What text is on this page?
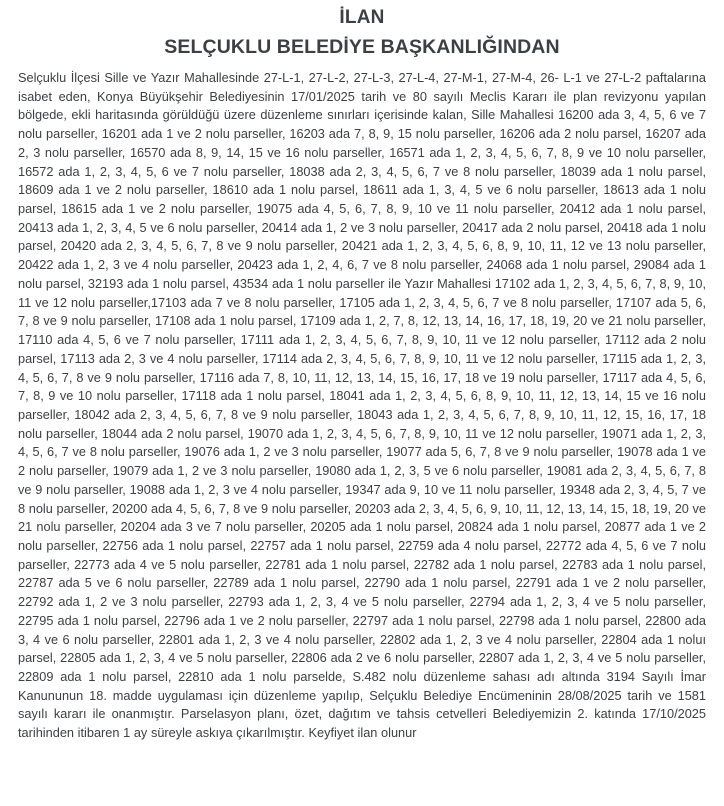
İLAN
SELÇUKLU BELEDİYE BAŞKANLIĞINDAN

Selçuklu İlçesi Sille ve Yazır Mahallesinde 27-L-1, 27-L-2, 27-L-3, 27-L-4, 27-M-1, 27-M-4, 26- L-1 ve 27-L-2 paftalarına isabet eden, Konya Büyükşehir Belediyesinin 17/01/2025 tarih ve 80 sayılı Meclis Kararı ile plan revizyonu yapılan bölgede, ekli haritasında görüldüğü üzere düzenleme sınırları içerisinde kalan, Sille Mahallesi 16200 ada 3, 4, 5, 6 ve 7 nolu parseller, 16201 ada 1 ve 2 nolu parseller, 16203 ada 7, 8, 9, 15 nolu parseller, 16206 ada 2 nolu parsel, 16207 ada 2, 3 nolu parseller, 16570 ada 8, 9, 14, 15 ve 16 nolu parseller, 16571 ada 1, 2, 3, 4, 5, 6, 7, 8, 9 ve 10 nolu parseller, 16572 ada 1, 2, 3, 4, 5, 6 ve 7 nolu parseller, 18038 ada 2, 3, 4, 5, 6, 7 ve 8 nolu parseller, 18039 ada 1 nolu parsel, 18609 ada 1 ve 2 nolu parseller, 18610 ada 1 nolu parsel, 18611 ada 1, 3, 4, 5 ve 6 nolu parseller, 18613 ada 1 nolu parsel, 18615 ada 1 ve 2 nolu parseller, 19075 ada 4, 5, 6, 7, 8, 9, 10 ve 11 nolu parseller, 20412 ada 1 nolu parsel, 20413 ada 1, 2, 3, 4, 5 ve 6 nolu parseller, 20414 ada 1, 2 ve 3 nolu parseller, 20417 ada 2 nolu parsel, 20418 ada 1 nolu parsel, 20420 ada 2, 3, 4, 5, 6, 7, 8 ve 9 nolu parseller, 20421 ada 1, 2, 3, 4, 5, 6, 8, 9, 10, 11, 12 ve 13 nolu parseller, 20422 ada 1, 2, 3 ve 4 nolu parseller, 20423 ada 1, 2, 4, 6, 7 ve 8 nolu parseller, 24068 ada 1 nolu parsel, 29084 ada 1 nolu parsel, 32193 ada 1 nolu parsel, 43534 ada 1 nolu parseller ile Yazır Mahallesi 17102 ada 1, 2, 3, 4, 5, 6, 7, 8, 9, 10, 11 ve 12 nolu parseller,17103 ada 7 ve 8 nolu parseller, 17105 ada 1, 2, 3, 4, 5, 6, 7 ve 8 nolu parseller, 17107 ada 5, 6, 7, 8 ve 9 nolu parseller, 17108 ada 1 nolu parsel, 17109 ada 1, 2, 7, 8, 12, 13, 14, 16, 17, 18, 19, 20 ve 21 nolu parseller, 17110 ada 4, 5, 6 ve 7 nolu parseller, 17111 ada 1, 2, 3, 4, 5, 6, 7, 8, 9, 10, 11 ve 12 nolu parseller, 17112 ada 2 nolu parsel, 17113 ada 2, 3 ve 4 nolu parseller, 17114 ada 2, 3, 4, 5, 6, 7, 8, 9, 10, 11 ve 12 nolu parseller, 17115 ada 1, 2, 3, 4, 5, 6, 7, 8 ve 9 nolu parseller, 17116 ada 7, 8, 10, 11, 12, 13, 14, 15, 16, 17, 18 ve 19 nolu parseller, 17117 ada 4, 5, 6, 7, 8, 9 ve 10 nolu parseller, 17118 ada 1 nolu parsel, 18041 ada 1, 2, 3, 4, 5, 6, 8, 9, 10, 11, 12, 13, 14, 15 ve 16 nolu parseller, 18042 ada 2, 3, 4, 5, 6, 7, 8 ve 9 nolu parseller, 18043 ada 1, 2, 3, 4, 5, 6, 7, 8, 9, 10, 11, 12, 15, 16, 17, 18 nolu parseller, 18044 ada 2 nolu parsel, 19070 ada 1, 2, 3, 4, 5, 6, 7, 8, 9, 10, 11 ve 12 nolu parseller, 19071 ada 1, 2, 3, 4, 5, 6, 7 ve 8 nolu parseller, 19076 ada 1, 2 ve 3 nolu parseller, 19077 ada 5, 6, 7, 8 ve 9 nolu parseller, 19078 ada 1 ve 2 nolu parseller, 19079 ada 1, 2 ve 3 nolu parseller, 19080 ada 1, 2, 3, 5 ve 6 nolu parseller, 19081 ada 2, 3, 4, 5, 6, 7, 8 ve 9 nolu parseller, 19088 ada 1, 2, 3 ve 4 nolu parseller, 19347 ada 9, 10 ve 11 nolu parseller, 19348 ada 2, 3, 4, 5, 7 ve 8 nolu parseller, 20200 ada 4, 5, 6, 7, 8 ve 9 nolu parseller, 20203 ada 2, 3, 4, 5, 6, 9, 10, 11, 12, 13, 14, 15, 18, 19, 20 ve 21 nolu parseller, 20204 ada 3 ve 7 nolu parseller, 20205 ada 1 nolu parsel, 20824 ada 1 nolu parsel, 20877 ada 1 ve 2 nolu parseller, 22756 ada 1 nolu parsel, 22757 ada 1 nolu parsel, 22759 ada 4 nolu parsel, 22772 ada 4, 5, 6 ve 7 nolu parseller, 22773 ada 4 ve 5 nolu parseller, 22781 ada 1 nolu parsel, 22782 ada 1 nolu parsel, 22783 ada 1 nolu parsel, 22787 ada 5 ve 6 nolu parseller, 22789 ada 1 nolu parsel, 22790 ada 1 nolu parsel, 22791 ada 1 ve 2 nolu parseller, 22792 ada 1, 2 ve 3 nolu parseller, 22793 ada 1, 2, 3, 4 ve 5 nolu parseller, 22794 ada 1, 2, 3, 4 ve 5 nolu parseller, 22795 ada 1 nolu parsel, 22796 ada 1 ve 2 nolu parseller, 22797 ada 1 nolu parsel, 22798 ada 1 nolu parsel, 22800 ada 3, 4 ve 6 nolu parseller, 22801 ada 1, 2, 3 ve 4 nolu parseller, 22802 ada 1, 2, 3 ve 4 nolu parseller, 22804 ada 1 noluı parsel, 22805 ada 1, 2, 3, 4 ve 5 nolu parseller, 22806 ada 2 ve 6 nolu parseller, 22807 ada 1, 2, 3, 4 ve 5 nolu parseller, 22809 ada 1 nolu parsel, 22810 ada 1 nolu parselde, S.482 nolu düzenleme sahası adı altında 3194 Sayılı İmar Kanununun 18. madde uygulaması için düzenleme yapılıp, Selçuklu Belediye Encümeninin 28/08/2025 tarih ve 1581 sayılı kararı ile onanmıştır. Parselasyon planı, özet, dağıtım ve tahsis cetvelleri Belediyemizin 2. katında 17/10/2025 tarihinden itibaren 1 ay süreyle askıya çıkarılmıştır. Keyfiyet ilan olunur
